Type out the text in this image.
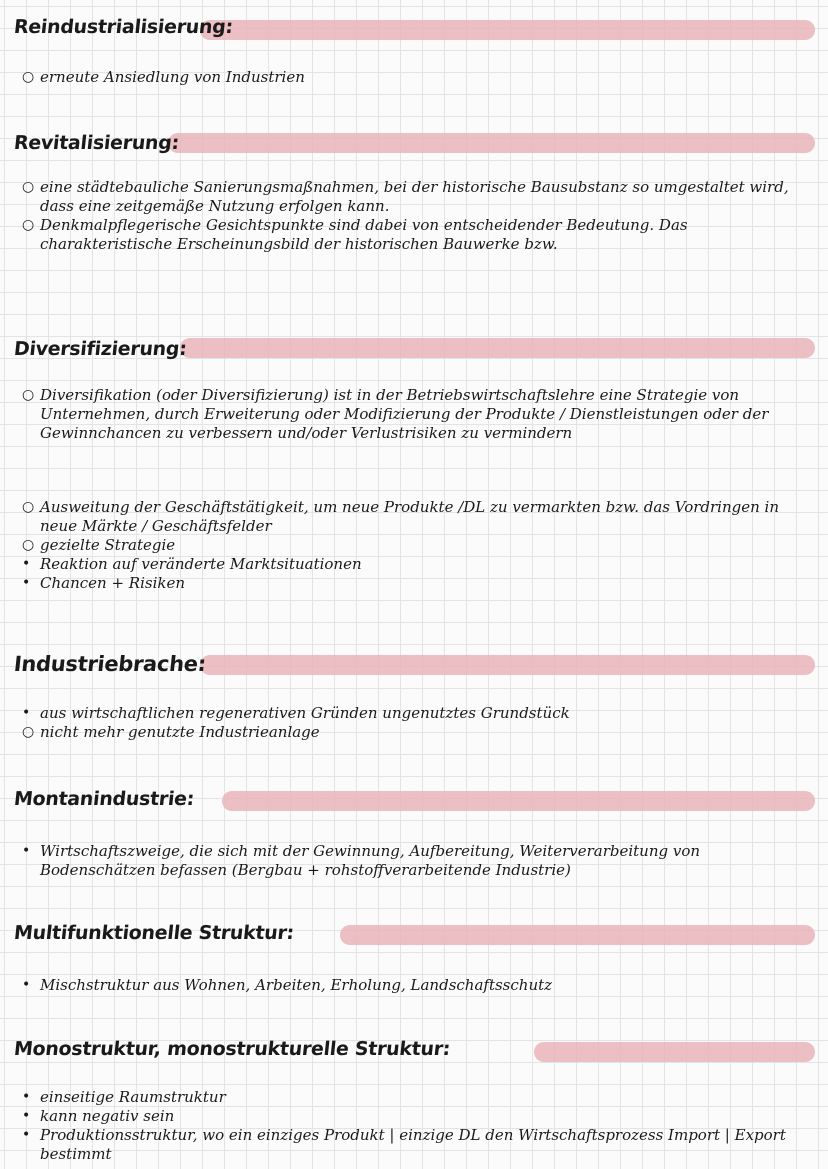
Reindustrialisierung:
○ erneute Ansiedlung von Industrien
Revitalisierung:
○ eine städtebauliche Sanierungsmaßnahmen, bei der historische Bausubstanz so umgestaltet wird, dass eine zeitgemäße Nutzung erfolgen kann.
○ Denkmalpflegerische Gesichtspunkte sind dabei von entscheidender Bedeutung. Das charakteristische Erscheinungsbild der historischen Bauwerke bzw.
Diversifizierung:
○ Diversifikation (oder Diversifizierung) ist in der Betriebswirtschaftslehre eine Strategie von Unternehmen, durch Erweiterung oder Modifizierung der Produkte / Dienstleistungen oder der Gewinnchancen zu verbessern und/oder Verlustrisiken zu vermindern
○ Ausweitung der Geschäftstätigkeit, um neue Produkte /DL zu vermarkten bzw. das Vordringen in neue Märkte / Geschäftsfelder
○ gezielte Strategie
• Reaktion auf veränderte Marktsituationen
• Chancen + Risiken
Industriebrache:
• aus wirtschaftlichen regenerativen Gründen ungenutztes Grundstück
○ nicht mehr genutzte Industrieanlage
Montanindustrie:
• Wirtschaftszweige, die sich mit der Gewinnung, Aufbereitung, Weiterverarbeitung von Bodenschätzen befassen (Bergbau + rohstoffverarbeitende Industrie)
Multifunktionelle Struktur:
• Mischstruktur aus Wohnen, Arbeiten, Erholung, Landschaftsschutz
Monostruktur, monostrukturelle Struktur:
• einseitige Raumstruktur
• kann negativ sein
• Produktionsstruktur, wo ein einziges Produkt | einzige DL den Wirtschaftsprozess Import | Export bestimmt
